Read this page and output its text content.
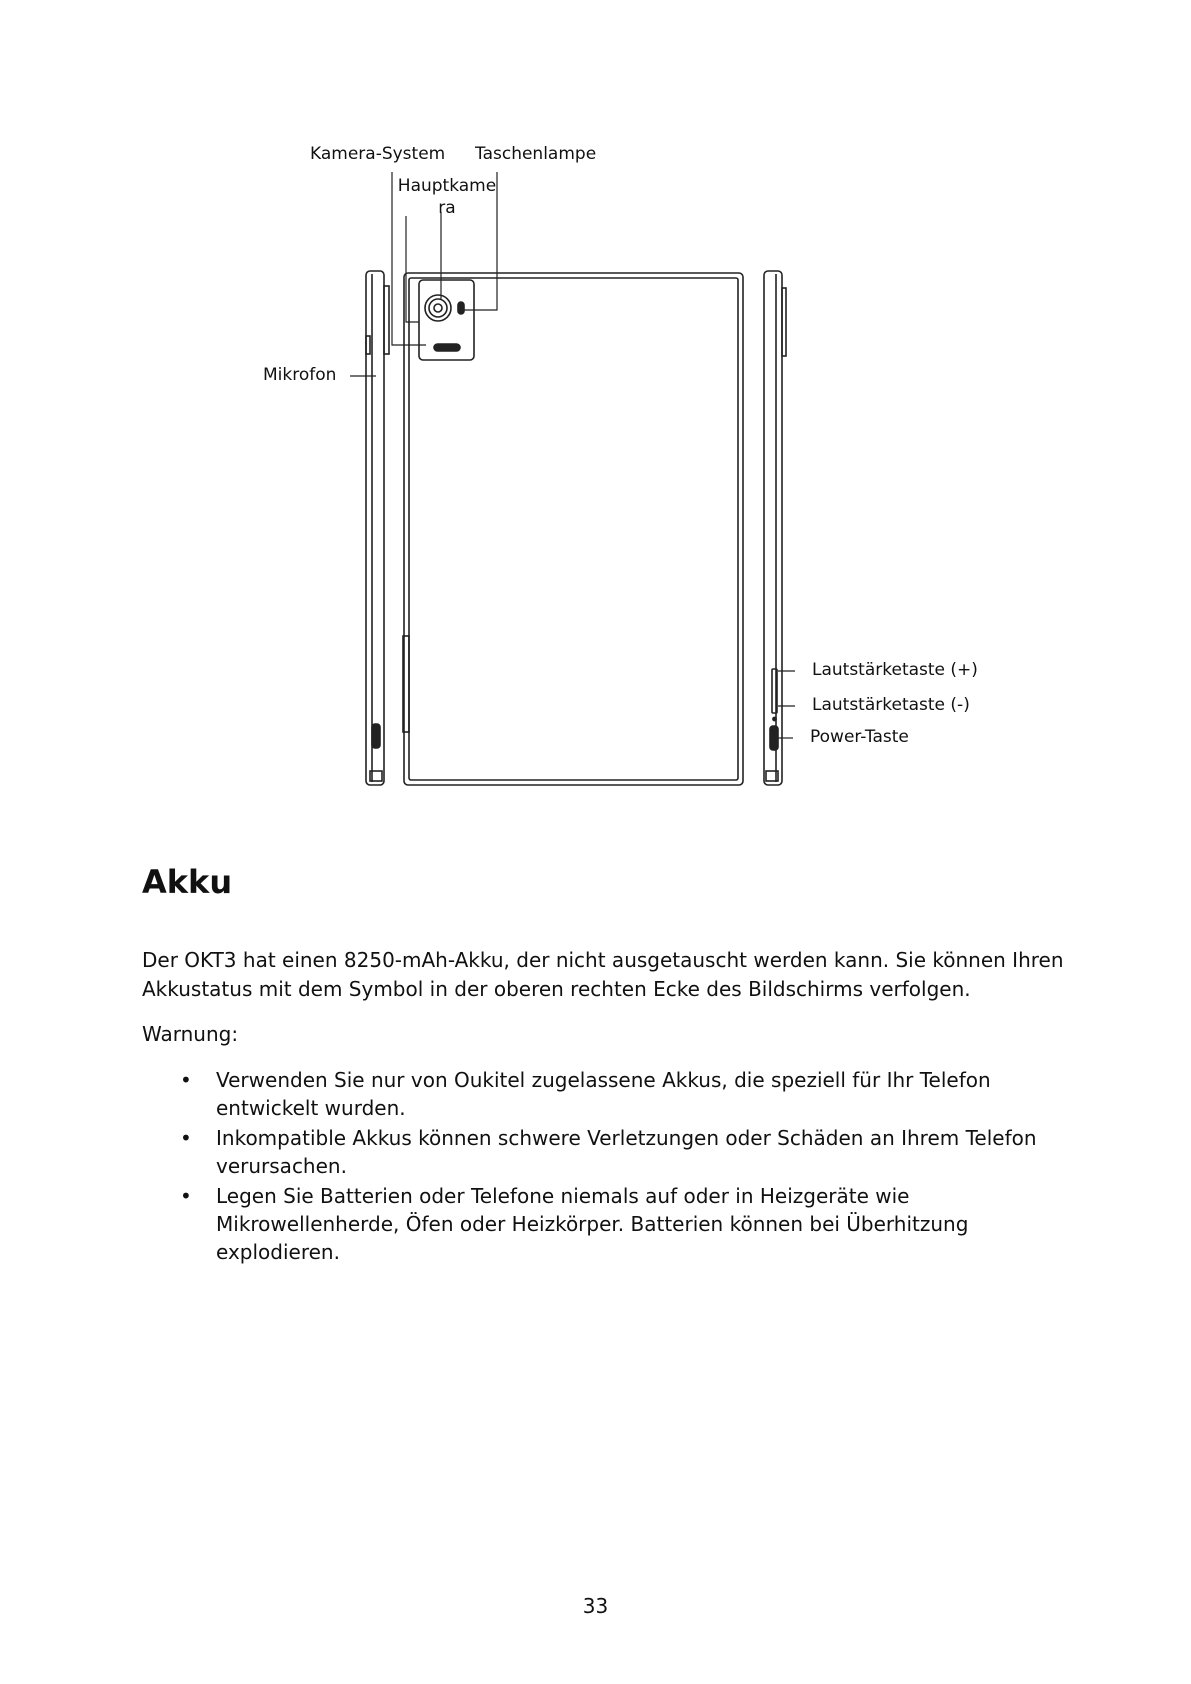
Kamera-System Taschenlampe
Hauptkame
ra
Mikrofon
Lautstärketaste (+)
Lautstärketaste (-)
Power-Taste
Akku

Der OKT3 hat einen 8250-mAh-Akku, der nicht ausgetauscht werden kann. Sie können Ihren Akkustatus mit dem Symbol in der oberen rechten Ecke des Bildschirms verfolgen.

Warnung:

• Verwenden Sie nur von Oukitel zugelassene Akkus, die speziell für Ihr Telefon entwickelt wurden.
• Inkompatible Akkus können schwere Verletzungen oder Schäden an Ihrem Telefon verursachen.
• Legen Sie Batterien oder Telefone niemals auf oder in Heizgeräte wie Mikrowellenherde, Öfen oder Heizkörper. Batterien können bei Überhitzung explodieren.
33
